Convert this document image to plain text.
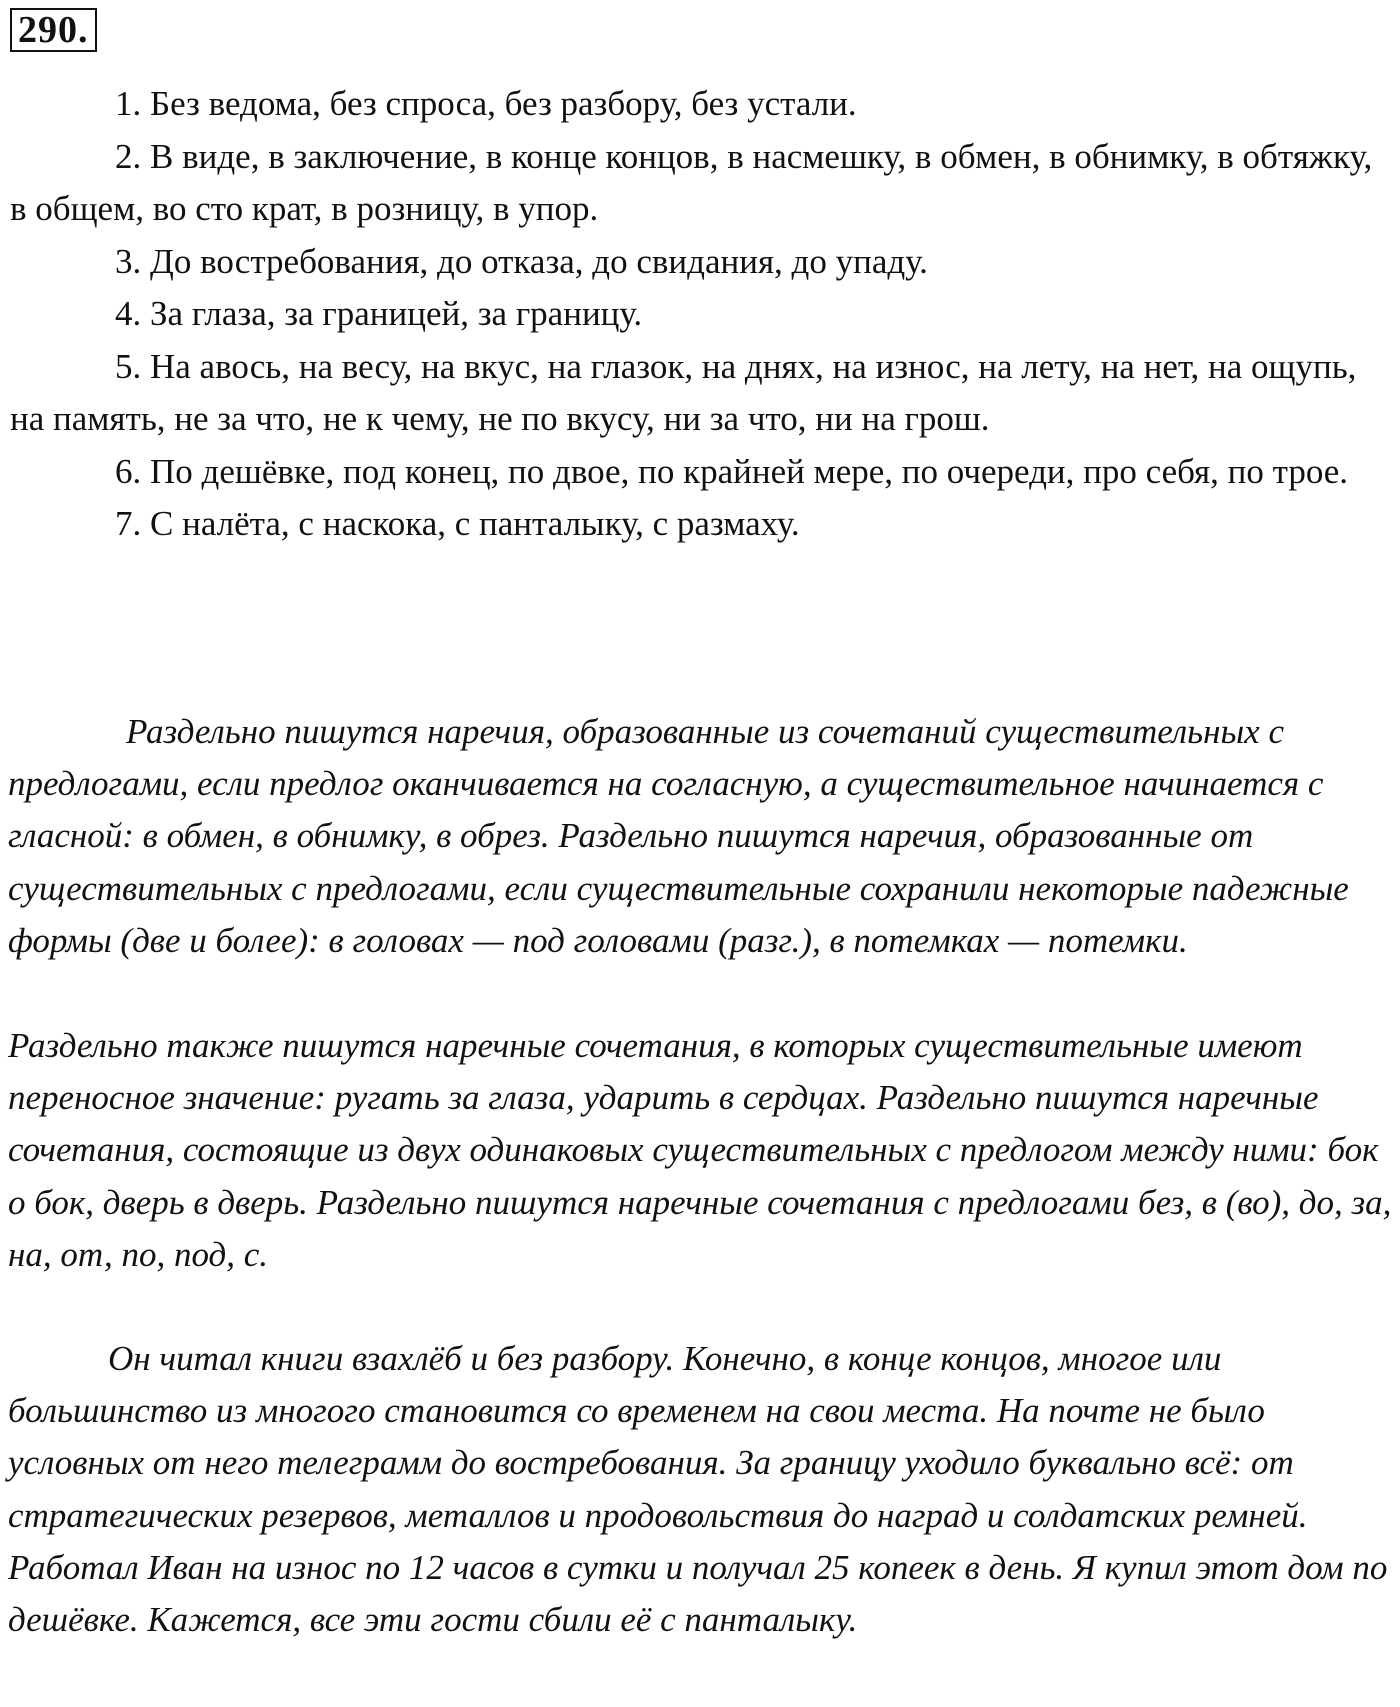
290.

1. Без ведома, без спроса, без разбору, без устали.

2. В виде, в заключение, в конце концов, в насмешку, в обмен, в обнимку, в обтяжку, в общем, во сто крат, в розницу, в упор.

3. До востребования, до отказа, до свидания, до упаду.

4. За глаза, за границей, за границу.

5. На авось, на весу, на вкус, на глазок, на днях, на износ, на лету, на нет, на ощупь, на память, не за что, не к чему, не по вкусу, ни за что, ни на грош.

6. По дешёвке, под конец, по двое, по крайней мере, по очереди, про себя, по трое.

7. С налёта, с наскока, с панталыку, с размаху.

Раздельно пишутся наречия, образованные из сочетаний существительных с предлогами, если предлог оканчивается на согласную, а существительное начинается с гласной: в обмен, в обнимку, в обрез. Раздельно пишутся наречия, образованные от существительных с предлогами, если существительные сохранили некоторые падежные формы (две и более): в головах — под головами (разг.), в потемках — потемки.

Раздельно также пишутся наречные сочетания, в которых существительные имеют переносное значение: ругать за глаза, ударить в сердцах. Раздельно пишутся наречные сочетания, состоящие из двух одинаковых существительных с предлогом между ними: бок о бок, дверь в дверь. Раздельно пишутся наречные сочетания с предлогами без, в (во), до, за, на, от, по, под, с.

Он читал книги взахлёб и без разбору. Конечно, в конце концов, многое или большинство из многого становится со временем на свои места. На почте не было условных от него телеграмм до востребования. За границу уходило буквально всё: от стратегических резервов, металлов и продовольствия до наград и солдатских ремней. Работал Иван на износ по 12 часов в сутки и получал 25 копеек в день. Я купил этот дом по дешёвке. Кажется, все эти гости сбили её с панталыку.
